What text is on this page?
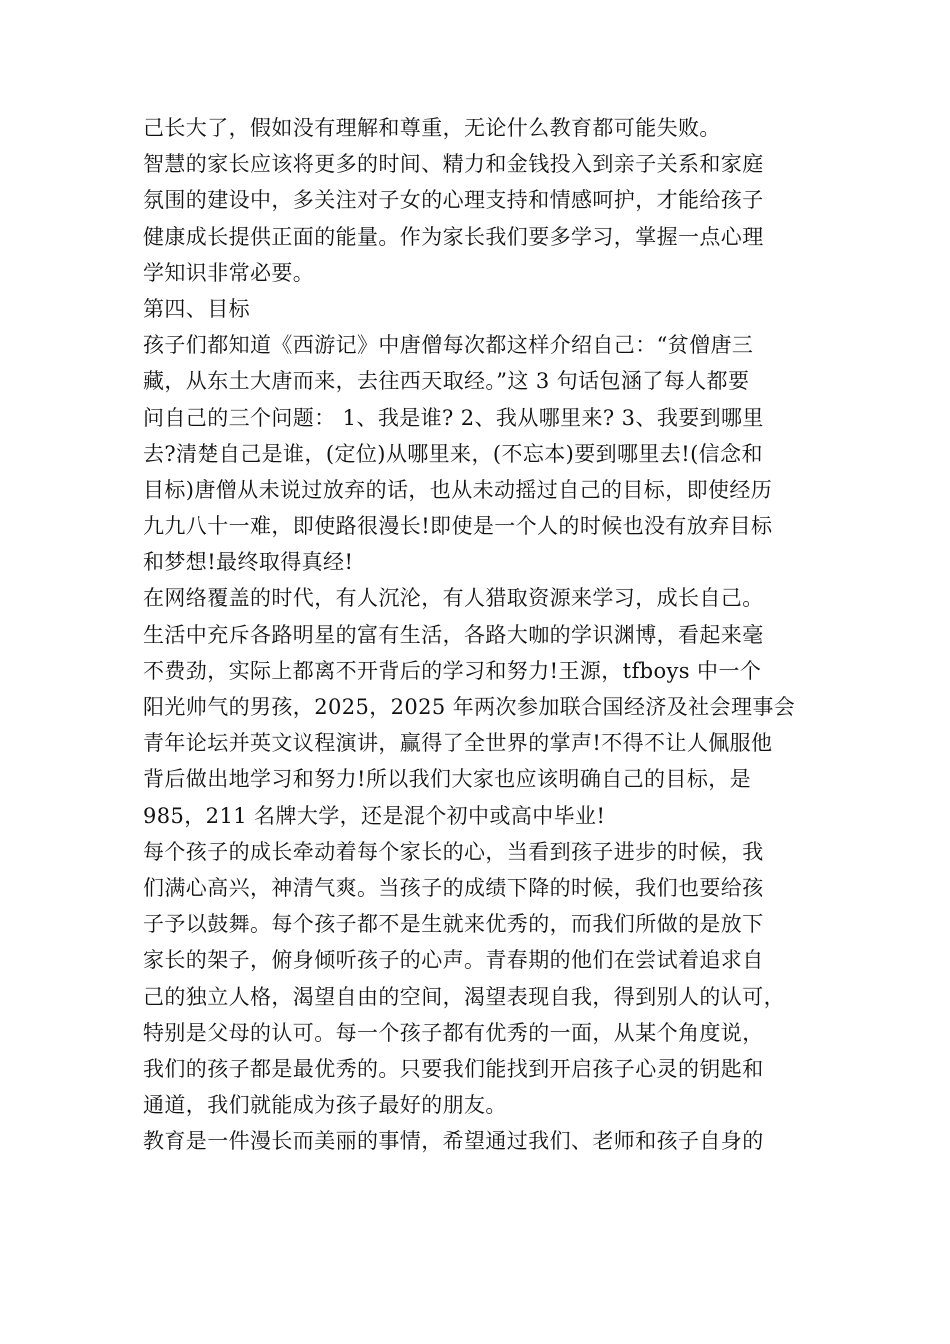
己长大了，假如没有理解和尊重，无论什么教育都可能失败。
智慧的家长应该将更多的时间、精力和金钱投入到亲子关系和家庭
氛围的建设中，多关注对子女的心理支持和情感呵护，才能给孩子
健康成长提供正面的能量。作为家长我们要多学习，掌握一点心理
学知识非常必要。
第四、目标
孩子们都知道《西游记》中唐僧每次都这样介绍自己：“贫僧唐三
藏，从东土大唐而来，去往西天取经。”这 3 句话包涵了每人都要
问自己的三个问题： 1、我是谁? 2、我从哪里来? 3、我要到哪里
去?清楚自己是谁，(定位)从哪里来，(不忘本)要到哪里去!(信念和
目标)唐僧从未说过放弃的话，也从未动摇过自己的目标，即使经历
九九八十一难，即使路很漫长!即使是一个人的时候也没有放弃目标
和梦想!最终取得真经!
在网络覆盖的时代，有人沉沦，有人猎取资源来学习，成长自己。
生活中充斥各路明星的富有生活，各路大咖的学识渊博，看起来毫
不费劲，实际上都离不开背后的学习和努力!王源，tfboys 中一个
阳光帅气的男孩，2025，2025 年两次参加联合国经济及社会理事会
青年论坛并英文议程演讲，赢得了全世界的掌声!不得不让人佩服他
背后做出地学习和努力!所以我们大家也应该明确自己的目标，是
985，211 名牌大学，还是混个初中或高中毕业!
每个孩子的成长牵动着每个家长的心，当看到孩子进步的时候，我
们满心高兴，神清气爽。当孩子的成绩下降的时候，我们也要给孩
子予以鼓舞。每个孩子都不是生就来优秀的，而我们所做的是放下
家长的架子，俯身倾听孩子的心声。青春期的他们在尝试着追求自
己的独立人格，渴望自由的空间，渴望表现自我，得到别人的认可，
特别是父母的认可。每一个孩子都有优秀的一面，从某个角度说，
我们的孩子都是最优秀的。只要我们能找到开启孩子心灵的钥匙和
通道，我们就能成为孩子最好的朋友。
教育是一件漫长而美丽的事情，希望通过我们、老师和孩子自身的
